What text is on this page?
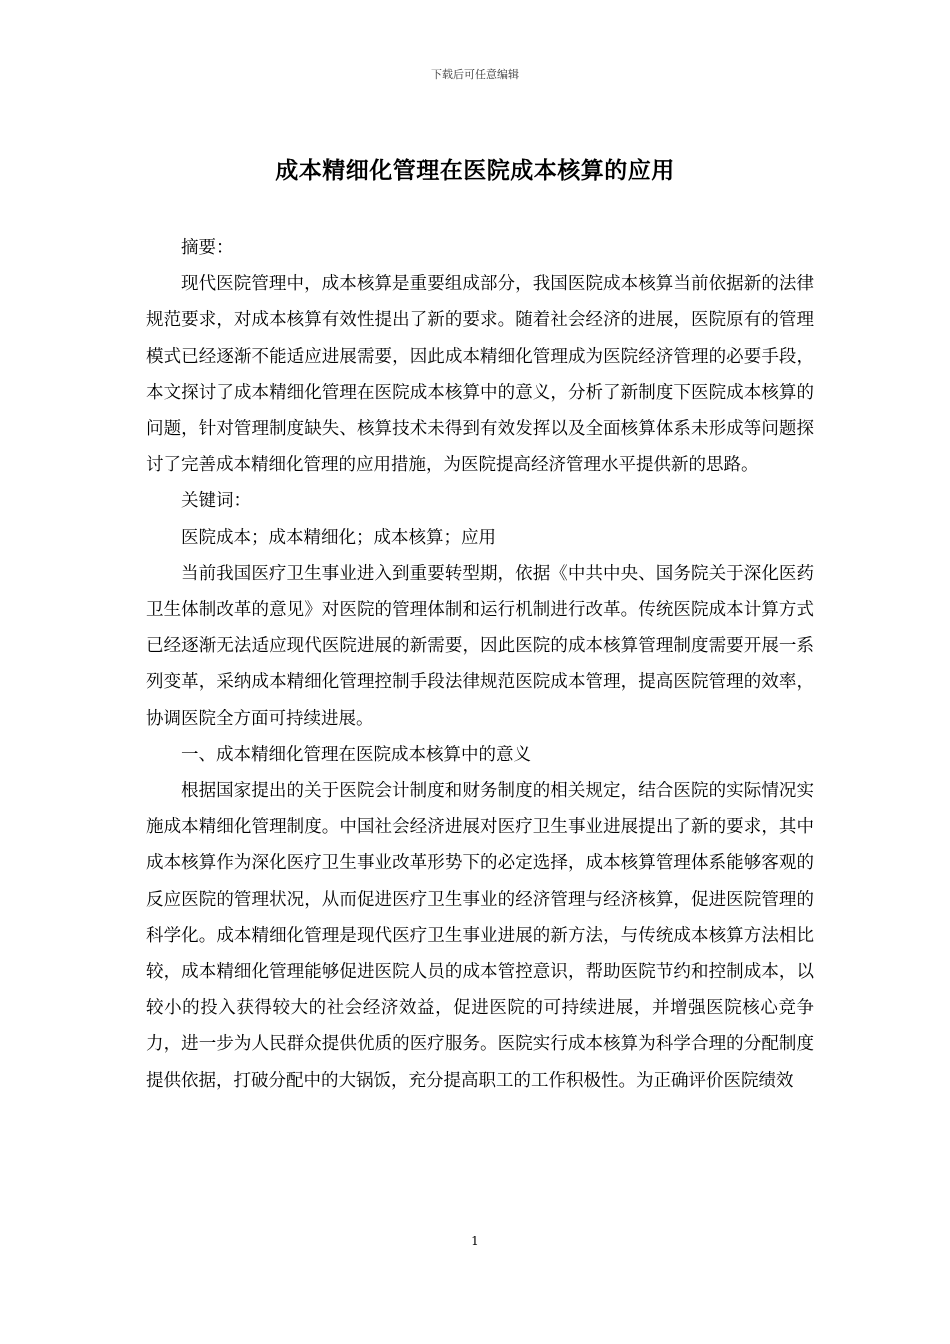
下载后可任意编辑
成本精细化管理在医院成本核算的应用

摘要：

现代医院管理中，成本核算是重要组成部分，我国医院成本核算当前依据新的法律规范要求，对成本核算有效性提出了新的要求。随着社会经济的进展，医院原有的管理模式已经逐渐不能适应进展需要，因此成本精细化管理成为医院经济管理的必要手段，本文探讨了成本精细化管理在医院成本核算中的意义，分析了新制度下医院成本核算的问题，针对管理制度缺失、核算技术未得到有效发挥以及全面核算体系未形成等问题探讨了完善成本精细化管理的应用措施，为医院提高经济管理水平提供新的思路。

关键词：

医院成本；成本精细化；成本核算；应用

当前我国医疗卫生事业进入到重要转型期，依据《中共中央、国务院关于深化医药卫生体制改革的意见》对医院的管理体制和运行机制进行改革。传统医院成本计算方式已经逐渐无法适应现代医院进展的新需要，因此医院的成本核算管理制度需要开展一系列变革，采纳成本精细化管理控制手段法律规范医院成本管理，提高医院管理的效率，协调医院全方面可持续进展。

一、成本精细化管理在医院成本核算中的意义

根据国家提出的关于医院会计制度和财务制度的相关规定，结合医院的实际情况实施成本精细化管理制度。中国社会经济进展对医疗卫生事业进展提出了新的要求，其中成本核算作为深化医疗卫生事业改革形势下的必定选择，成本核算管理体系能够客观的反应医院的管理状况，从而促进医疗卫生事业的经济管理与经济核算，促进医院管理的科学化。成本精细化管理是现代医疗卫生事业进展的新方法，与传统成本核算方法相比较，成本精细化管理能够促进医院人员的成本管控意识，帮助医院节约和控制成本，以较小的投入获得较大的社会经济效益，促进医院的可持续进展，并增强医院核心竞争力，进一步为人民群众提供优质的医疗服务。医院实行成本核算为科学合理的分配制度提供依据，打破分配中的大锅饭，充分提高职工的工作积极性。为正确评价医院绩效

1
